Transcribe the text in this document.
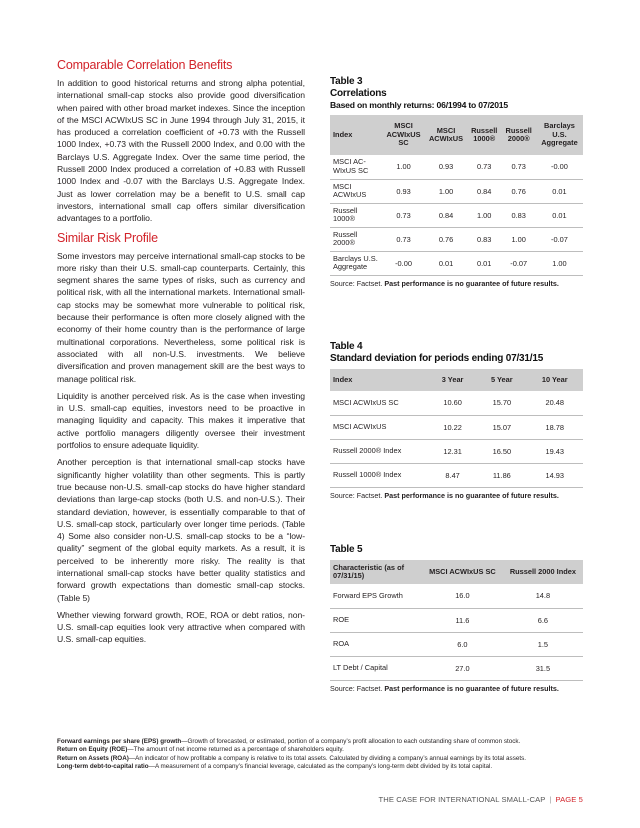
Comparable Correlation Benefits

In addition to good historical returns and strong alpha potential, international small-cap stocks also provide good diversification when paired with other broad market indexes. Since the inception of the MSCI ACWIxUS SC in June 1994 through July 31, 2015, it has produced a correlation coefficient of +0.73 with the Russell 1000 Index, +0.73 with the Russell 2000 Index, and 0.00 with the Barclays U.S. Aggregate Index. Over the same time period, the Russell 2000 Index produced a correlation of +0.83 with Russell 1000 Index and -0.07 with the Barclays U.S. Aggregate Index. Just as lower correlation may be a benefit to U.S. small cap investors, international small cap offers similar diversification advantages to a portfolio.

Similar Risk Profile

Some investors may perceive international small-cap stocks to be more risky than their U.S. small-cap counterparts. Certainly, this segment shares the same types of risks, such as currency and political risk, with all the international markets. International small-cap stocks may be somewhat more vulnerable to political risk, because their performance is often more closely aligned with the economy of their home country than is the performance of large multinational corporations. Nevertheless, some political risk is associated with all non-U.S. investments. We believe diversification and proven management skill are the best ways to manage political risk.

Liquidity is another perceived risk. As is the case when investing in U.S. small-cap equities, investors need to be proactive in managing liquidity and capacity. This makes it imperative that active portfolio managers diligently oversee their investment portfolios to ensure adequate liquidity.

Another perception is that international small-cap stocks have significantly higher volatility than other segments. This is partly true because non-U.S. small-cap stocks do have higher standard deviations than large-cap stocks (both U.S. and non-U.S.). Their standard deviation, however, is essentially comparable to that of U.S. small-cap stock, particularly over longer time periods. (Table 4) Some also consider non-U.S. small-cap stocks to be a “low-quality” segment of the global equity markets. As a result, it is perceived to be inherently more risky. The reality is that international small-cap stocks have better quality statistics and forward growth expectations than domestic small-cap stocks. (Table 5)

Whether viewing forward growth, ROE, ROA or debt ratios, non-U.S. small-cap equities look very attractive when compared with U.S. small-cap equities.

Table 3
Correlations
Based on monthly returns: 06/1994 to 07/2015
Index	MSCI ACWIxUS SC	MSCI ACWIxUS	Russell 1000®	Russell 2000®	Barclays U.S. Aggregate
MSCI AC-WIxUS SC	1.00	0.93	0.73	0.73	-0.00
MSCI ACWIxUS	0.93	1.00	0.84	0.76	0.01
Russell 1000®	0.73	0.84	1.00	0.83	0.01
Russell 2000®	0.73	0.76	0.83	1.00	-0.07
Barclays U.S. Aggregate	-0.00	0.01	0.01	-0.07	1.00
Source: Factset. Past performance is no guarantee of future results.
Table 4
Standard deviation for periods ending 07/31/15
Index	3 Year	5 Year	10 Year
MSCI ACWIxUS SC	10.60	15.70	20.48
MSCI ACWIxUS	10.22	15.07	18.78
Russell 2000® Index	12.31	16.50	19.43
Russell 1000® Index	8.47	11.86	14.93
Source: Factset. Past performance is no guarantee of future results.
Table 5
Characteristic (as of 07/31/15)	MSCI ACWIxUS SC	Russell 2000 Index
Forward EPS Growth	16.0	14.8
ROE	11.6	6.6
ROA	6.0	1.5
LT Debt / Capital	27.0	31.5
Source: Factset. Past performance is no guarantee of future results.
Forward earnings per share (EPS) growth—Growth of forecasted, or estimated, portion of a company’s profit allocation to each outstanding share of common stock.
Return on Equity (ROE)—The amount of net income returned as a percentage of shareholders equity.
Return on Assets (ROA)—An indicator of how profitable a company is relative to its total assets. Calculated by dividing a company’s annual earnings by its total assets.
Long-term debt-to-capital ratio—A measurement of a company’s financial leverage, calculated as the company’s long-term debt divided by its total capital.
THE CASE FOR INTERNATIONAL SMALL-CAP | PAGE 5
